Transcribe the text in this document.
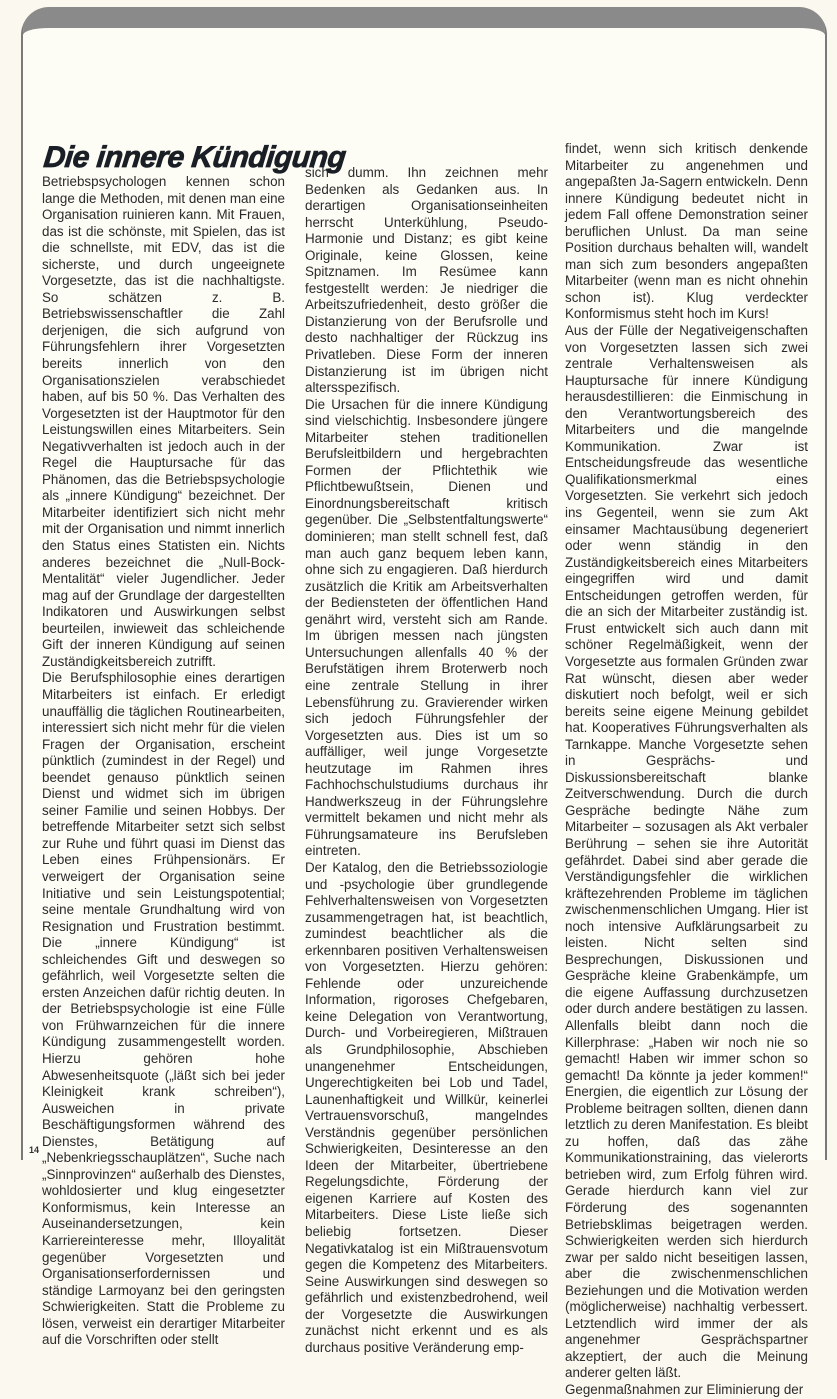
Die innere Kündigung

Betriebspsychologen kennen schon lange die Methoden, mit denen man eine Organisation ruinieren kann. Mit Frauen, das ist die schönste, mit Spielen, das ist die schnellste, mit EDV, das ist die sicherste, und durch ungeeignete Vorgesetzte, das ist die nachhaltigste. So schätzen z. B. Betriebswissenschaftler die Zahl derjenigen, die sich aufgrund von Führungsfehlern ihrer Vorgesetzten bereits innerlich von den Organisationszielen verabschiedet haben, auf bis 50 %. Das Verhalten des Vorgesetzten ist der Hauptmotor für den Leistungswillen eines Mitarbeiters. Sein Negativverhalten ist jedoch auch in der Regel die Hauptursache für das Phänomen, das die Betriebspsychologie als „innere Kündigung“ bezeichnet. Der Mitarbeiter identifiziert sich nicht mehr mit der Organisation und nimmt innerlich den Status eines Statisten ein. Nichts anderes bezeichnet die „Null-Bock-Mentalität“ vieler Jugendlicher. Jeder mag auf der Grundlage der dargestellten Indikatoren und Auswirkungen selbst beurteilen, inwieweit das schleichende Gift der inneren Kündigung auf seinen Zuständigkeitsbereich zutrifft.

Die Berufsphilosophie eines derartigen Mitarbeiters ist einfach. Er erledigt unauffällig die täglichen Routinearbeiten, interessiert sich nicht mehr für die vielen Fragen der Organisation, erscheint pünktlich (zumindest in der Regel) und beendet genauso pünktlich seinen Dienst und widmet sich im übrigen seiner Familie und seinen Hobbys. Der betreffende Mitarbeiter setzt sich selbst zur Ruhe und führt quasi im Dienst das Leben eines Frühpensionärs. Er verweigert der Organisation seine Initiative und sein Leistungspotential; seine mentale Grundhaltung wird von Resignation und Frustration bestimmt. Die „innere Kündigung“ ist schleichendes Gift und deswegen so gefährlich, weil Vorgesetzte selten die ersten Anzeichen dafür richtig deuten. In der Betriebspsychologie ist eine Fülle von Frühwarnzeichen für die innere Kündigung zusammengestellt worden. Hierzu gehören hohe Abwesenheitsquote („läßt sich bei jeder Kleinigkeit krank schreiben“), Ausweichen in private Beschäftigungsformen während des Dienstes, Betätigung auf „Nebenkriegsschauplätzen“, Suche nach „Sinnprovinzen“ außerhalb des Dienstes, wohldosierter und klug eingesetzter Konformismus, kein Interesse an Auseinandersetzungen, kein Karriereinteresse mehr, Illoyalität gegenüber Vorgesetzten und Organisationserfordernissen und ständige Larmoyanz bei den geringsten Schwierigkeiten. Statt die Probleme zu lösen, verweist ein derartiger Mitarbeiter auf die Vorschriften oder stellt

sich dumm. Ihn zeichnen mehr Bedenken als Gedanken aus. In derartigen Organisationseinheiten herrscht Unterkühlung, Pseudo-Harmonie und Distanz; es gibt keine Originale, keine Glossen, keine Spitznamen. Im Resümee kann festgestellt werden: Je niedriger die Arbeitszufriedenheit, desto größer die Distanzierung von der Berufsrolle und desto nachhaltiger der Rückzug ins Privatleben. Diese Form der inneren Distanzierung ist im übrigen nicht altersspezifisch.

Die Ursachen für die innere Kündigung sind vielschichtig. Insbesondere jüngere Mitarbeiter stehen traditionellen Berufsleitbildern und hergebrachten Formen der Pflichtethik wie Pflichtbewußtsein, Dienen und Einordnungsbereitschaft kritisch gegenüber. Die „Selbstentfaltungswerte“ dominieren; man stellt schnell fest, daß man auch ganz bequem leben kann, ohne sich zu engagieren. Daß hierdurch zusätzlich die Kritik am Arbeitsverhalten der Bediensteten der öffentlichen Hand genährt wird, versteht sich am Rande. Im übrigen messen nach jüngsten Untersuchungen allenfalls 40 % der Berufstätigen ihrem Broterwerb noch eine zentrale Stellung in ihrer Lebensführung zu. Gravierender wirken sich jedoch Führungsfehler der Vorgesetzten aus. Dies ist um so auffälliger, weil junge Vorgesetzte heutzutage im Rahmen ihres Fachhochschulstudiums durchaus ihr Handwerkszeug in der Führungslehre vermittelt bekamen und nicht mehr als Führungsamateure ins Berufsleben eintreten.

Der Katalog, den die Betriebssoziologie und -psychologie über grundlegende Fehlverhaltensweisen von Vorgesetzten zusammengetragen hat, ist beachtlich, zumindest beachtlicher als die erkennbaren positiven Verhaltensweisen von Vorgesetzten. Hierzu gehören: Fehlende oder unzureichende Information, rigoroses Chefgebaren, keine Delegation von Verantwortung, Durch- und Vorbeiregieren, Mißtrauen als Grundphilosophie, Abschieben unangenehmer Entscheidungen, Ungerechtigkeiten bei Lob und Tadel, Launenhaftigkeit und Willkür, keinerlei Vertrauensvorschuß, mangelndes Verständnis gegenüber persönlichen Schwierigkeiten, Desinteresse an den Ideen der Mitarbeiter, übertriebene Regelungsdichte, Förderung der eigenen Karriere auf Kosten des Mitarbeiters. Diese Liste ließe sich beliebig fortsetzen. Dieser Negativkatalog ist ein Mißtrauensvotum gegen die Kompetenz des Mitarbeiters. Seine Auswirkungen sind deswegen so gefährlich und existenzbedrohend, weil der Vorgesetzte die Auswirkungen zunächst nicht erkennt und es als durchaus positive Veränderung emp-

findet, wenn sich kritisch denkende Mitarbeiter zu angenehmen und angepaßten Ja-Sagern entwickeln. Denn innere Kündigung bedeutet nicht in jedem Fall offene Demonstration seiner beruflichen Unlust. Da man seine Position durchaus behalten will, wandelt man sich zum besonders angepaßten Mitarbeiter (wenn man es nicht ohnehin schon ist). Klug verdeckter Konformismus steht hoch im Kurs!

Aus der Fülle der Negativeigenschaften von Vorgesetzten lassen sich zwei zentrale Verhaltensweisen als Hauptursache für innere Kündigung herausdestillieren: die Einmischung in den Verantwortungsbereich des Mitarbeiters und die mangelnde Kommunikation. Zwar ist Entscheidungsfreude das wesentliche Qualifikationsmerkmal eines Vorgesetzten. Sie verkehrt sich jedoch ins Gegenteil, wenn sie zum Akt einsamer Machtausübung degeneriert oder wenn ständig in den Zuständigkeitsbereich eines Mitarbeiters eingegriffen wird und damit Entscheidungen getroffen werden, für die an sich der Mitarbeiter zuständig ist. Frust entwickelt sich auch dann mit schöner Regelmäßigkeit, wenn der Vorgesetzte aus formalen Gründen zwar Rat wünscht, diesen aber weder diskutiert noch befolgt, weil er sich bereits seine eigene Meinung gebildet hat. Kooperatives Führungsverhalten als Tarnkappe. Manche Vorgesetzte sehen in Gesprächs- und Diskussionsbereitschaft blanke Zeitverschwendung. Durch die durch Gespräche bedingte Nähe zum Mitarbeiter – sozusagen als Akt verbaler Berührung – sehen sie ihre Autorität gefährdet. Dabei sind aber gerade die Verständigungsfehler die wirklichen kräftezehrenden Probleme im täglichen zwischenmenschlichen Umgang. Hier ist noch intensive Aufklärungsarbeit zu leisten. Nicht selten sind Besprechungen, Diskussionen und Gespräche kleine Grabenkämpfe, um die eigene Auffassung durchzusetzen oder durch andere bestätigen zu lassen. Allenfalls bleibt dann noch die Killerphrase: „Haben wir noch nie so gemacht! Haben wir immer schon so gemacht! Da könnte ja jeder kommen!“ Energien, die eigentlich zur Lösung der Probleme beitragen sollten, dienen dann letztlich zu deren Manifestation. Es bleibt zu hoffen, daß das zähe Kommunikationstraining, das vielerorts betrieben wird, zum Erfolg führen wird. Gerade hierdurch kann viel zur Förderung des sogenannten Betriebsklimas beigetragen werden. Schwierigkeiten werden sich hierdurch zwar per saldo nicht beseitigen lassen, aber die zwischenmenschlichen Beziehungen und die Motivation werden (möglicherweise) nachhaltig verbessert. Letztendlich wird immer der als angenehmer Gesprächspartner akzeptiert, der auch die Meinung anderer gelten läßt.

Gegenmaßnahmen zur Eliminierung der

14
